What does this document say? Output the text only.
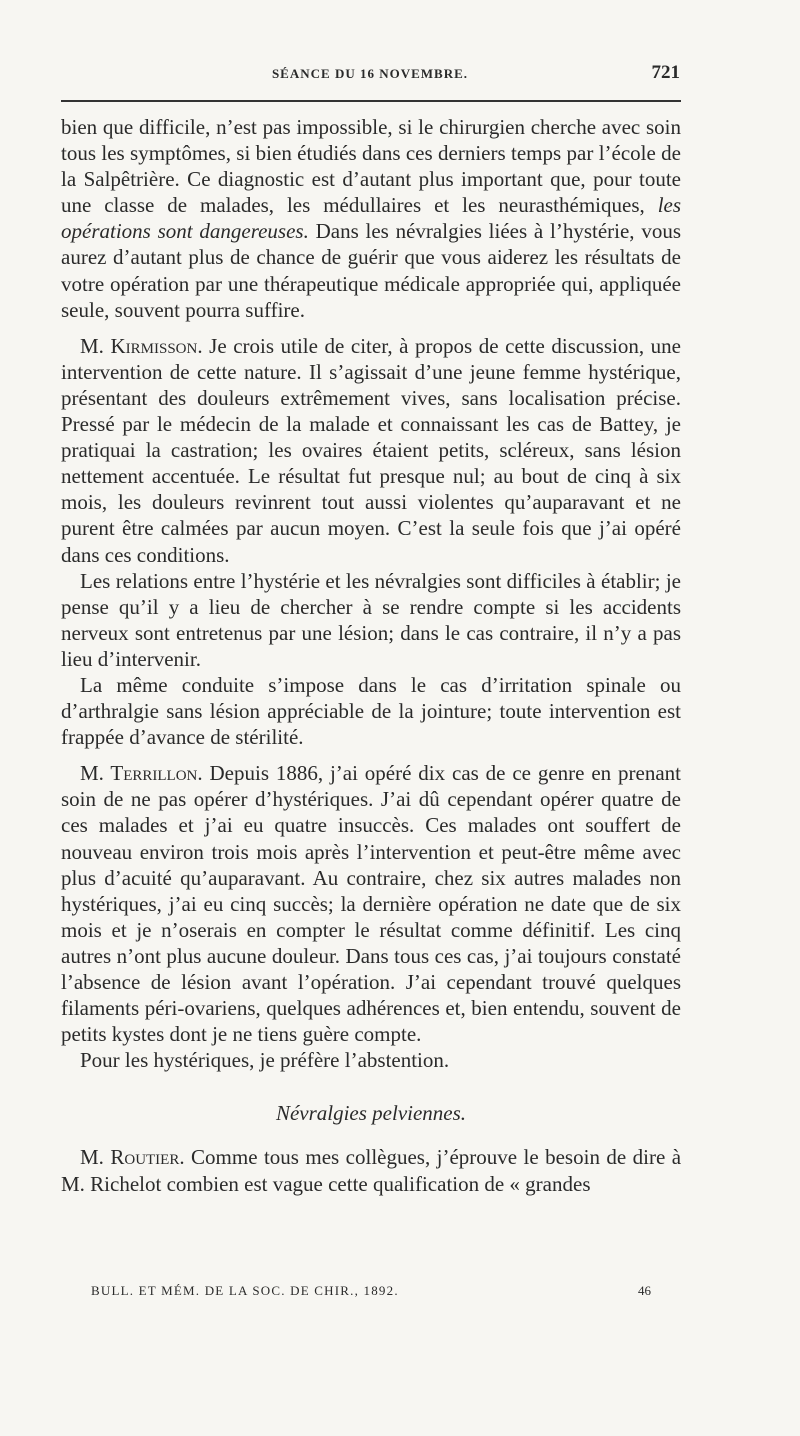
SÉANCE DU 16 NOVEMBRE.	721

bien que difficile, n’est pas impossible, si le chirurgien cherche avec soin tous les symptômes, si bien étudiés dans ces derniers temps par l’école de la Salpêtrière. Ce diagnostic est d’autant plus important que, pour toute une classe de malades, les médullaires et les neurasthémiques, les opérations sont dangereuses. Dans les névralgies liées à l’hystérie, vous aurez d’autant plus de chance de guérir que vous aiderez les résultats de votre opération par une thérapeutique médicale appropriée qui, appliquée seule, souvent pourra suffire.

M. Kirmisson. Je crois utile de citer, à propos de cette discussion, une intervention de cette nature. Il s’agissait d’une jeune femme hystérique, présentant des douleurs extrêmement vives, sans localisation précise. Pressé par le médecin de la malade et connaissant les cas de Battey, je pratiquai la castration; les ovaires étaient petits, scléreux, sans lésion nettement accentuée. Le résultat fut presque nul; au bout de cinq à six mois, les douleurs revinrent tout aussi violentes qu’auparavant et ne purent être calmées par aucun moyen. C’est la seule fois que j’ai opéré dans ces conditions.

Les relations entre l’hystérie et les névralgies sont difficiles à établir; je pense qu’il y a lieu de chercher à se rendre compte si les accidents nerveux sont entretenus par une lésion; dans le cas contraire, il n’y a pas lieu d’intervenir.

La même conduite s’impose dans le cas d’irritation spinale ou d’arthralgie sans lésion appréciable de la jointure; toute intervention est frappée d’avance de stérilité.

M. Terrillon. Depuis 1886, j’ai opéré dix cas de ce genre en prenant soin de ne pas opérer d’hystériques. J’ai dû cependant opérer quatre de ces malades et j’ai eu quatre insuccès. Ces malades ont souffert de nouveau environ trois mois après l’intervention et peut-être même avec plus d’acuité qu’auparavant. Au contraire, chez six autres malades non hystériques, j’ai eu cinq succès; la dernière opération ne date que de six mois et je n’oserais en compter le résultat comme définitif. Les cinq autres n’ont plus aucune douleur. Dans tous ces cas, j’ai toujours constaté l’absence de lésion avant l’opération. J’ai cependant trouvé quelques filaments péri-ovariens, quelques adhérences et, bien entendu, souvent de petits kystes dont je ne tiens guère compte.

Pour les hystériques, je préfère l’abstention.

Névralgies pelviennes.

M. Routier. Comme tous mes collègues, j’éprouve le besoin de dire à M. Richelot combien est vague cette qualification de « grandes

BULL. ET MÉM. DE LA SOC. DE CHIR., 1892.	46
